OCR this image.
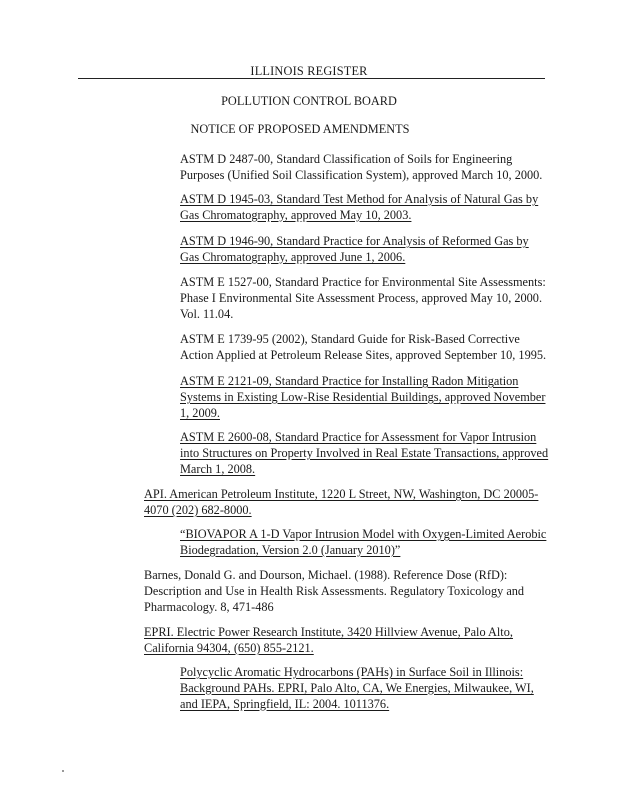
ILLINOIS REGISTER
POLLUTION CONTROL BOARD
NOTICE OF PROPOSED AMENDMENTS

ASTM D 2487-00, Standard Classification of Soils for Engineering Purposes (Unified Soil Classification System), approved March 10, 2000.

ASTM D 1945-03, Standard Test Method for Analysis of Natural Gas by Gas Chromatography, approved May 10, 2003.

ASTM D 1946-90, Standard Practice for Analysis of Reformed Gas by Gas Chromatography, approved June 1, 2006.

ASTM E 1527-00, Standard Practice for Environmental Site Assessments: Phase I Environmental Site Assessment Process, approved May 10, 2000. Vol. 11.04.

ASTM E 1739-95 (2002), Standard Guide for Risk-Based Corrective Action Applied at Petroleum Release Sites, approved September 10, 1995.

ASTM E 2121-09, Standard Practice for Installing Radon Mitigation Systems in Existing Low-Rise Residential Buildings, approved November 1, 2009.

ASTM E 2600-08, Standard Practice for Assessment for Vapor Intrusion into Structures on Property Involved in Real Estate Transactions, approved March 1, 2008.

API. American Petroleum Institute, 1220 L Street, NW, Washington, DC 20005-4070 (202) 682-8000.

“BIOVAPOR A 1-D Vapor Intrusion Model with Oxygen-Limited Aerobic Biodegradation, Version 2.0 (January 2010)”

Barnes, Donald G. and Dourson, Michael. (1988). Reference Dose (RfD): Description and Use in Health Risk Assessments. Regulatory Toxicology and Pharmacology. 8, 471-486

EPRI. Electric Power Research Institute, 3420 Hillview Avenue, Palo Alto, California 94304, (650) 855-2121.

Polycyclic Aromatic Hydrocarbons (PAHs) in Surface Soil in Illinois: Background PAHs. EPRI, Palo Alto, CA, We Energies, Milwaukee, WI, and IEPA, Springfield, IL: 2004. 1011376.
